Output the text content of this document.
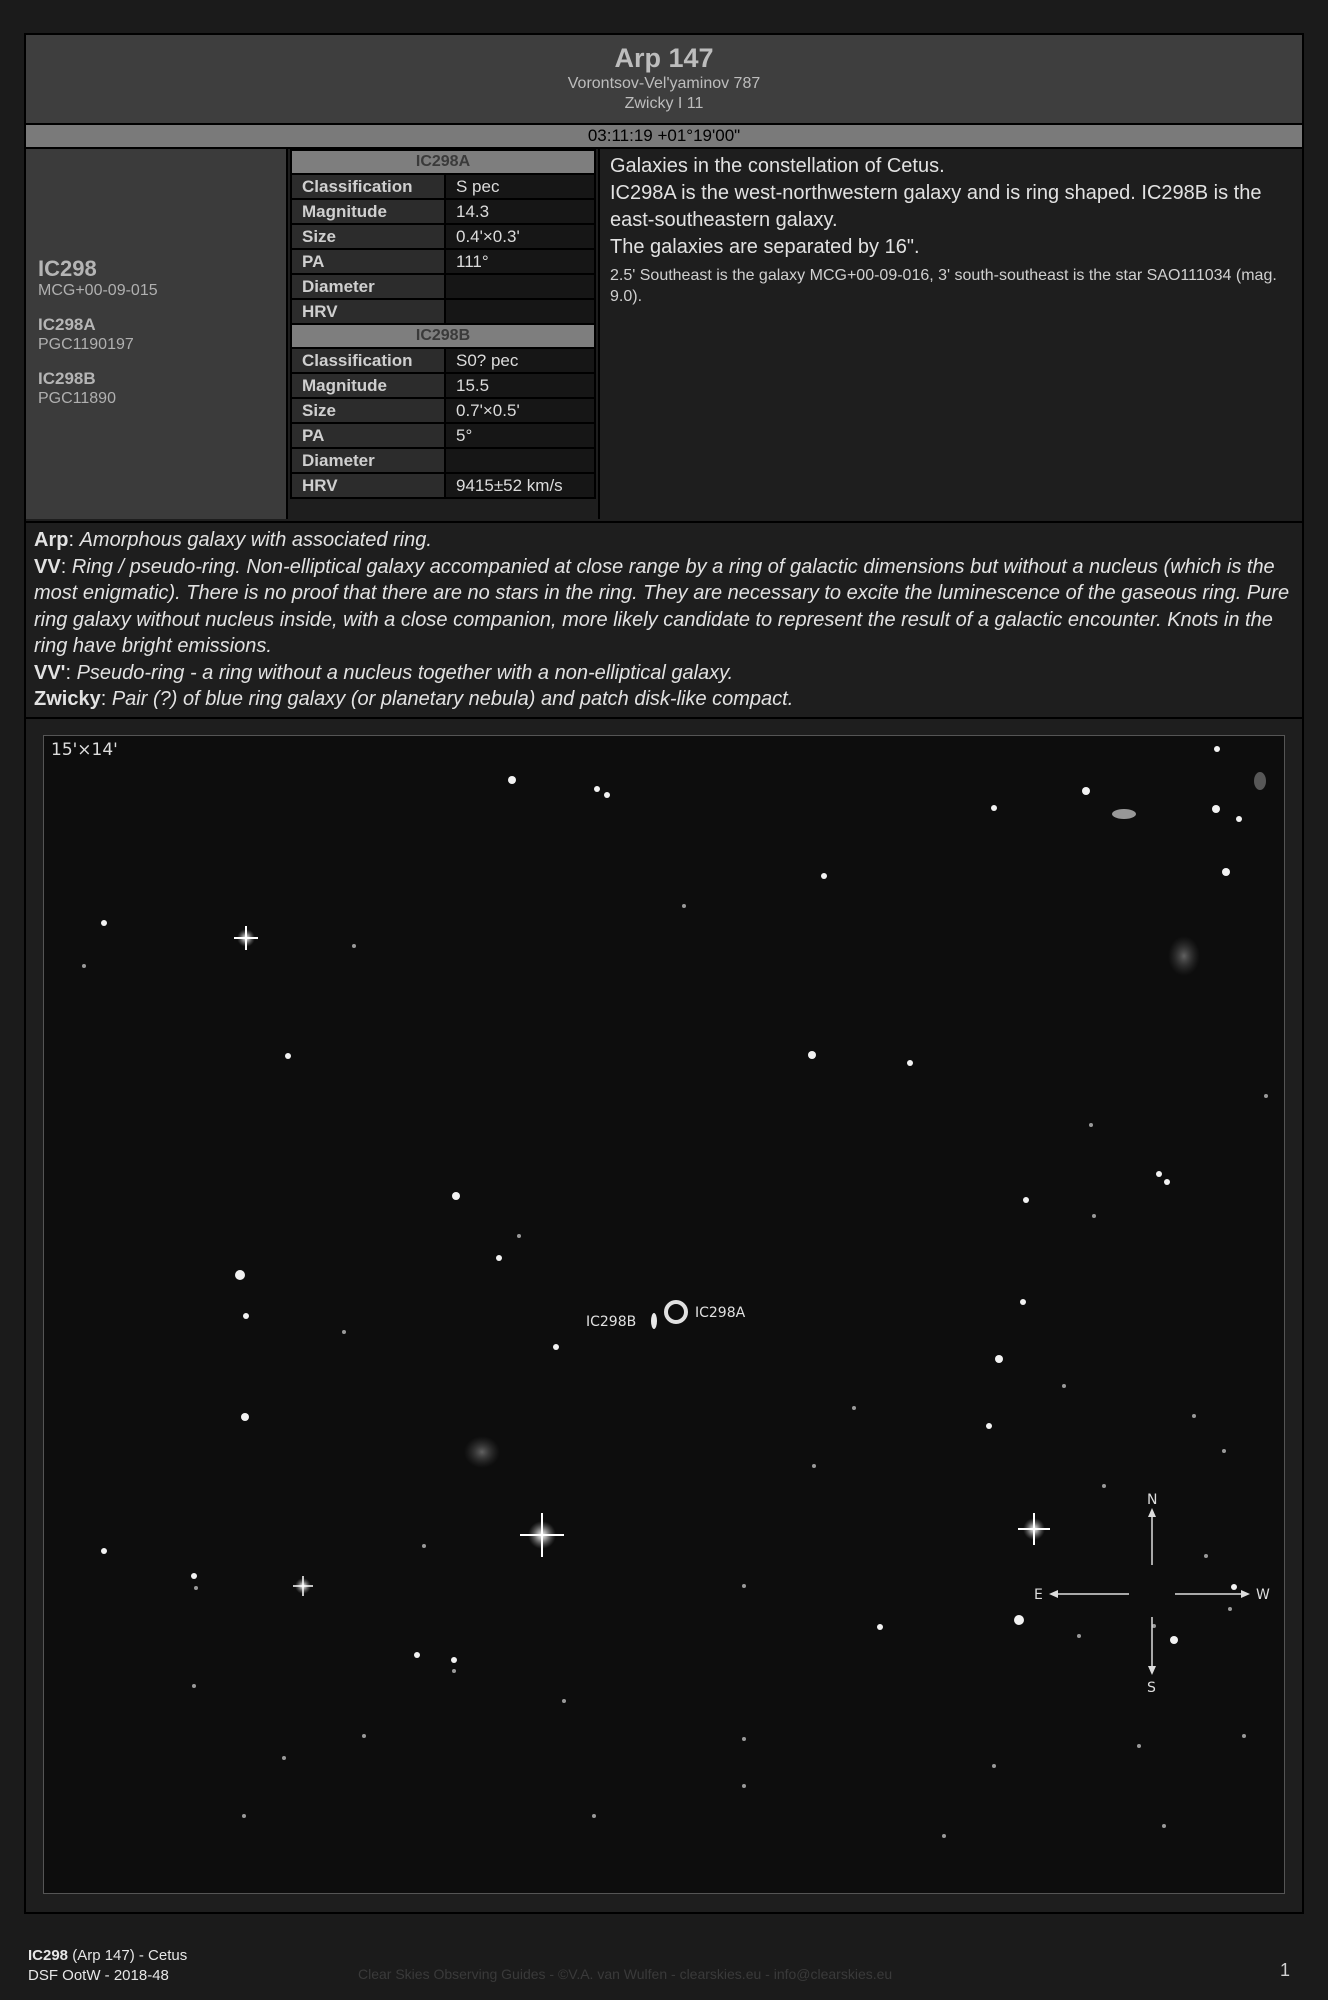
Arp 147
Vorontsov-Vel'yaminov 787
Zwicky I 11
03:11:19 +01°19'00"
IC298
MCG+00-09-015
IC298A
PGC1190197
IC298B
PGC11890
IC298A	
Classification	S pec
Magnitude	14.3
Size	0.4'×0.3'
PA	111°
Diameter	
HRV	
IC298B	
Classification	S0? pec
Magnitude	15.5
Size	0.7'×0.5'
PA	5°
Diameter	
HRV	9415±52 km/s

Galaxies in the constellation of Cetus.

IC298A is the west-northwestern galaxy and is ring shaped. IC298B is the east-southeastern galaxy.

The galaxies are separated by 16".

2.5' Southeast is the galaxy MCG+00-09-016, 3' south-southeast is the star SAO111034 (mag. 9.0).

Arp: Amorphous galaxy with associated ring.

VV: Ring / pseudo-ring. Non-elliptical galaxy accompanied at close range by a ring of galactic dimensions but without a nucleus (which is the most enigmatic). There is no proof that there are no stars in the ring. They are necessary to excite the luminescence of the gaseous ring. Pure ring galaxy without nucleus inside, with a close companion, more likely candidate to represent the result of a galactic encounter. Knots in the ring have bright emissions.

VV': Pseudo-ring - a ring without a nucleus together with a non-elliptical galaxy.

Zwicky: Pair (?) of blue ring galaxy (or planetary nebula) and patch disk-like compact.

IC298A
IC298B
N
S
E	W
15'×14'
IC298 (Arp 147) - Cetus
DSF OotW - 2018-48	Clear Skies Observing Guides - ©V.A. van Wulfen - clearskies.eu - info@clearskies.eu	1
